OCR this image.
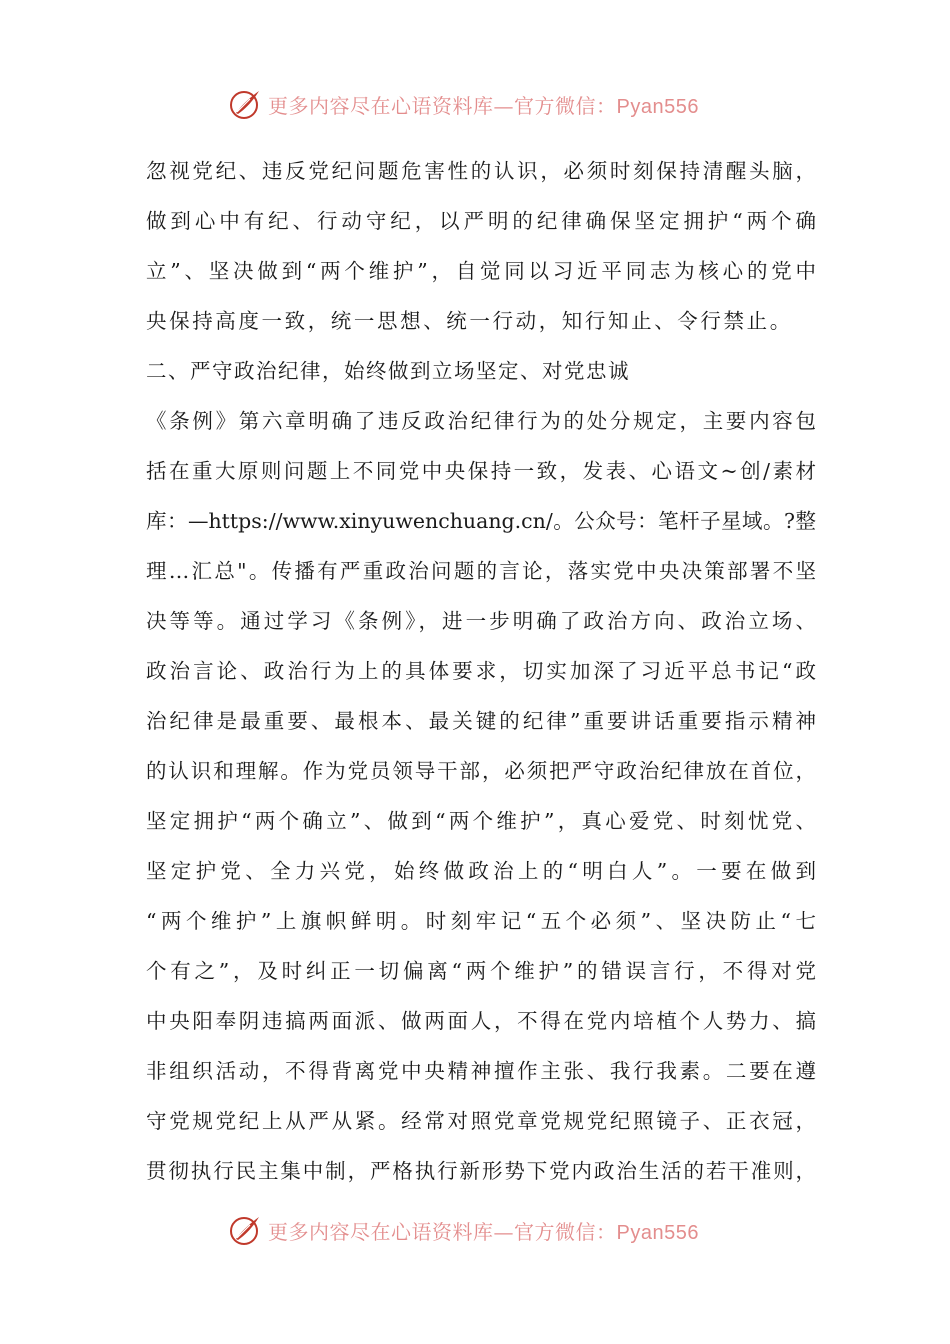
更多内容尽在心语资料库—官方微信：Pyan556
忽视党纪、违反党纪问题危害性的认识，必须时刻保持清醒头脑，
做到心中有纪、行动守纪，以严明的纪律确保坚定拥护“两个确
立”、坚决做到“两个维护”，自觉同以习近平同志为核心的党中
央保持高度一致，统一思想、统一行动，知行知止、令行禁止。
二、严守政治纪律，始终做到立场坚定、对党忠诚
《条例》第六章明确了违反政治纪律行为的处分规定，主要内容包
括在重大原则问题上不同党中央保持一致，发表、心语文~创/素材
库：—https://www.xinyuwenchuang.cn/。公众号：笔杆子星域。?整
理…汇总"。传播有严重政治问题的言论，落实党中央决策部署不坚
决等等。通过学习《条例》，进一步明确了政治方向、政治立场、
政治言论、政治行为上的具体要求，切实加深了习近平总书记“政
治纪律是最重要、最根本、最关键的纪律”重要讲话重要指示精神
的认识和理解。作为党员领导干部，必须把严守政治纪律放在首位，
坚定拥护“两个确立”、做到“两个维护”，真心爱党、时刻忧党、
坚定护党、全力兴党，始终做政治上的“明白人”。一要在做到
“两个维护”上旗帜鲜明。时刻牢记“五个必须”、坚决防止“七
个有之”，及时纠正一切偏离“两个维护”的错误言行，不得对党
中央阳奉阴违搞两面派、做两面人，不得在党内培植个人势力、搞
非组织活动，不得背离党中央精神擅作主张、我行我素。二要在遵
守党规党纪上从严从紧。经常对照党章党规党纪照镜子、正衣冠，
贯彻执行民主集中制，严格执行新形势下党内政治生活的若干准则，
更多内容尽在心语资料库—官方微信：Pyan556
